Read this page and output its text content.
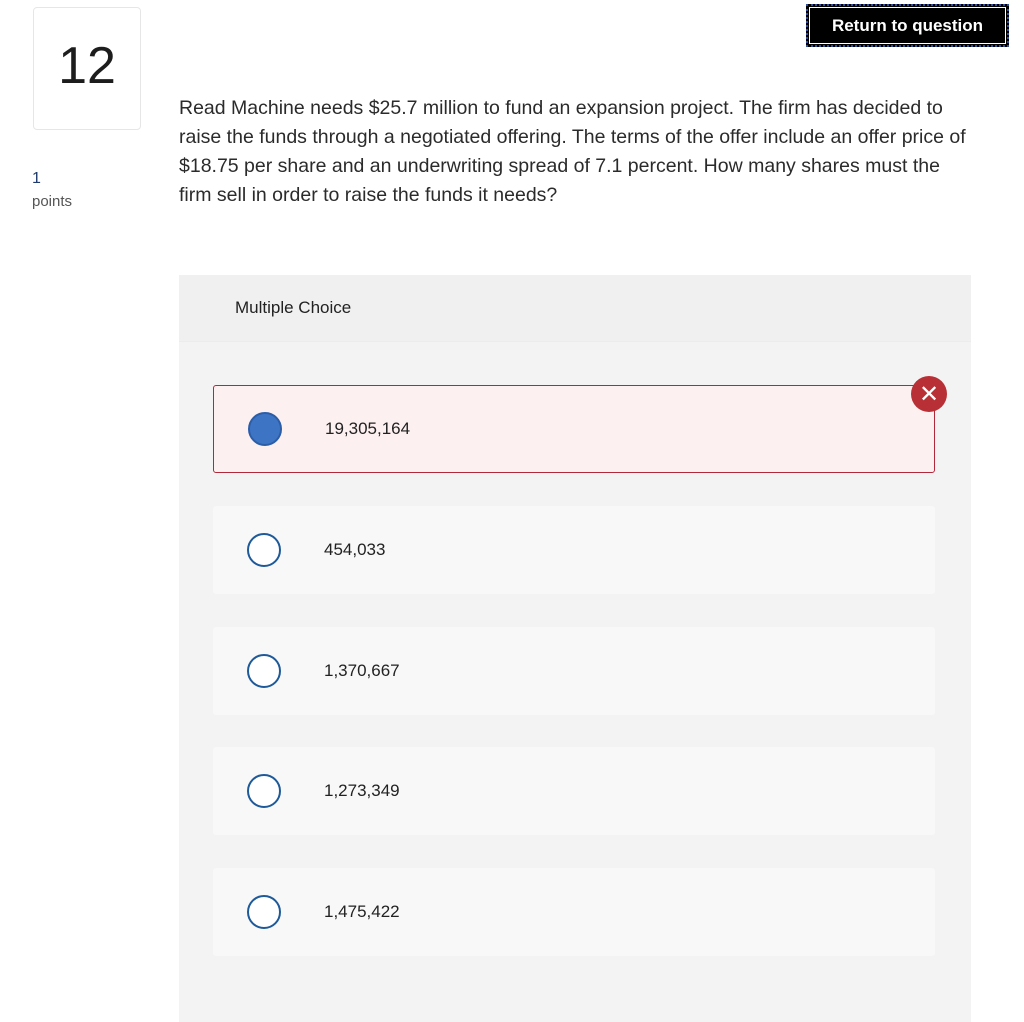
Return to question
12
1
points

Read Machine needs $25.7 million to fund an expansion project. The firm has decided to raise the funds through a negotiated offering. The terms of the offer include an offer price of $18.75 per share and an underwriting spread of 7.1 percent. How many shares must the firm sell in order to raise the funds it needs?

Multiple Choice
19,305,164
✕
454,033
1,370,667
1,273,349
1,475,422
